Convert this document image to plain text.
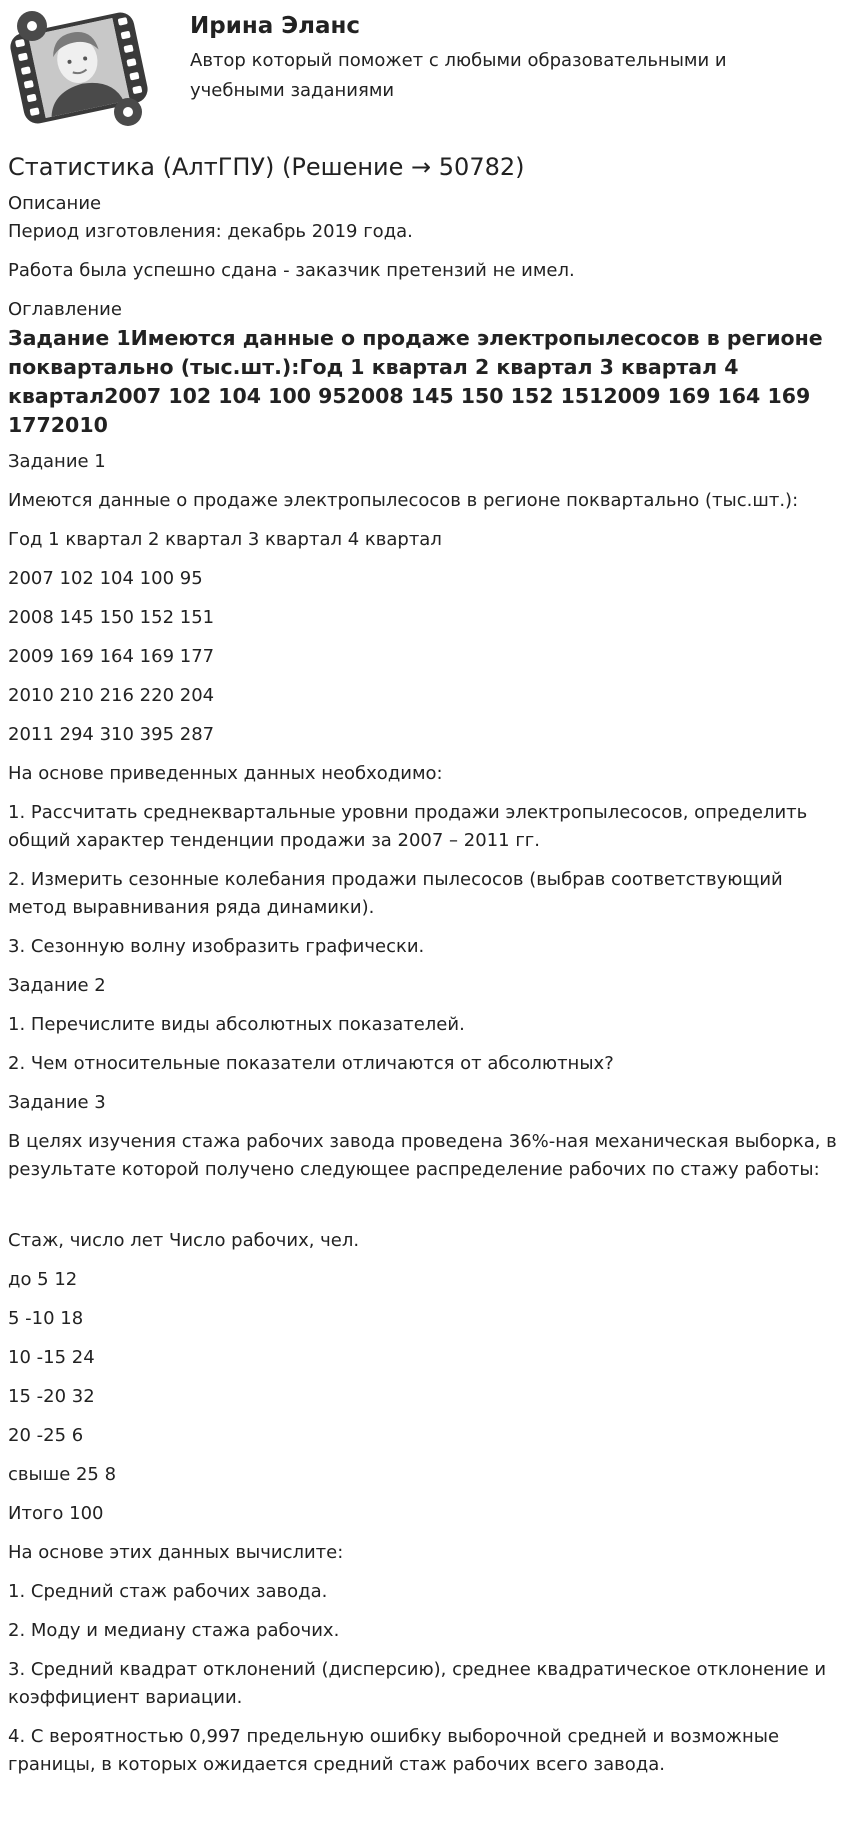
Ирина Эланс
Автор который поможет с любыми образовательными и учебными заданиями
Статистика (АлтГПУ) (Решение → 50782)
Описание
Период изготовления: декабрь 2019 года.
Работа была успешно сдана - заказчик претензий не имел.
Оглавление
Задание 1Имеются данные о продаже электропылесосов в регионе поквартально (тыс.шт.):Год 1 квартал 2 квартал 3 квартал 4 квартал2007 102 104 100 952008 145 150 152 1512009 169 164 169 1772010
Задание 1
Имеются данные о продаже электропылесосов в регионе поквартально (тыс.шт.):
Год 1 квартал 2 квартал 3 квартал 4 квартал
2007 102 104 100 95
2008 145 150 152 151
2009 169 164 169 177
2010 210 216 220 204
2011 294 310 395 287
На основе приведенных данных необходимо:
1. Рассчитать среднеквартальные уровни продажи электропылесосов, определить общий характер тенденции продажи за 2007 – 2011 гг.
2. Измерить сезонные колебания продажи пылесосов (выбрав соответствующий метод выравнивания ряда динамики).
3. Сезонную волну изобразить графически.
Задание 2
1. Перечислите виды абсолютных показателей.
2. Чем относительные показатели отличаются от абсолютных?
Задание 3
В целях изучения стажа рабочих завода проведена 36%-ная механическая выборка, в результате которой получено следующее распределение рабочих по стажу работы:
Стаж, число лет Число рабочих, чел.
до 5 12
5 -10 18
10 -15 24
15 -20 32
20 -25 6
свыше 25 8
Итого 100
На основе этих данных вычислите:
1. Средний стаж рабочих завода.
2. Моду и медиану стажа рабочих.
3. Средний квадрат отклонений (дисперсию), среднее квадратическое отклонение и коэффициент вариации.
4. С вероятностью 0,997 предельную ошибку выборочной средней и возможные границы, в которых ожидается средний стаж рабочих всего завода.
